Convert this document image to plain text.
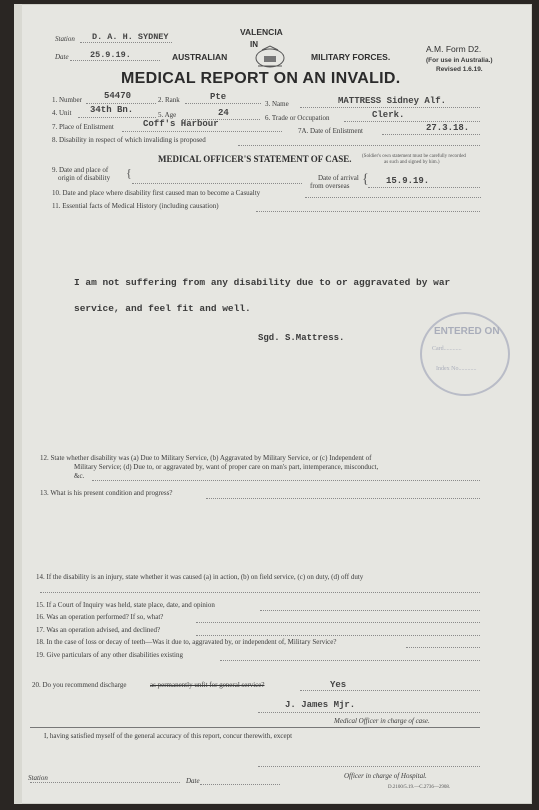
VALENCIA
Station D. A. H. SYDNEY
Date	25.9.19.
IN
AUSTRALIAN	MILITARY FORCES.
A.M. Form D2.
(For use in Australia.)
Revised 1.6.19.
MEDICAL REPORT ON AN INVALID.
1. Number 54470	2. Rank	Pte
3. Name	MATTRESS Sidney Alf.
4. Unit 34th Bn.	5. Age	24	6. Trade or Occupation	Clerk.
7. Place of Enlistment	Coff's Harbour
7A. Date of Enlistment	27.3.18.
8. Disability in respect of which invaliding is proposed
MEDICAL OFFICER'S STATEMENT OF CASE. (Soldier's own statement must be carefully recorded
as such and signed by him.)
9. Date and place of
origin of disability {	Date of arrival
from overseas { 15.9.19.
10. Date and place where disability first caused man to become a Casualty
11. Essential facts of Medical History (including causation)
I am not suffering from any disability due to or aggravated by war
service, and feel fit and well.
Sgd. S.Mattress.
ENTERED ON
Card............
Index No............
12. State whether disability was (a) Due to Military Service, (b) Aggravated by Military Service, or (c) Independent of
Military Service; (d) Due to, or aggravated by, want of proper care on man's part, intemperance, misconduct,
&c.
13. What is his present condition and progress?
14. If the disability is an injury, state whether it was caused (a) in action, (b) on field service, (c) on duty, (d) off duty
15. If a Court of Inquiry was held, state place, date, and opinion
16. Was an operation performed? If so, what?
17. Was an operation advised, and declined?
18. In the case of loss or decay of teeth—Was it due to, aggravated by, or independent of, Military Service?
19. Give particulars of any other disabilities existing
20. Do you recommend discharge	as permanently unfit for general service?	Yes
J. James Mjr.
Medical Officer in charge of case.
I, having satisfied myself of the general accuracy of this report, concur therewith, except
Station	Date
Officer in charge of Hospital.
D.2100/5.19.—C.2736—2908.
